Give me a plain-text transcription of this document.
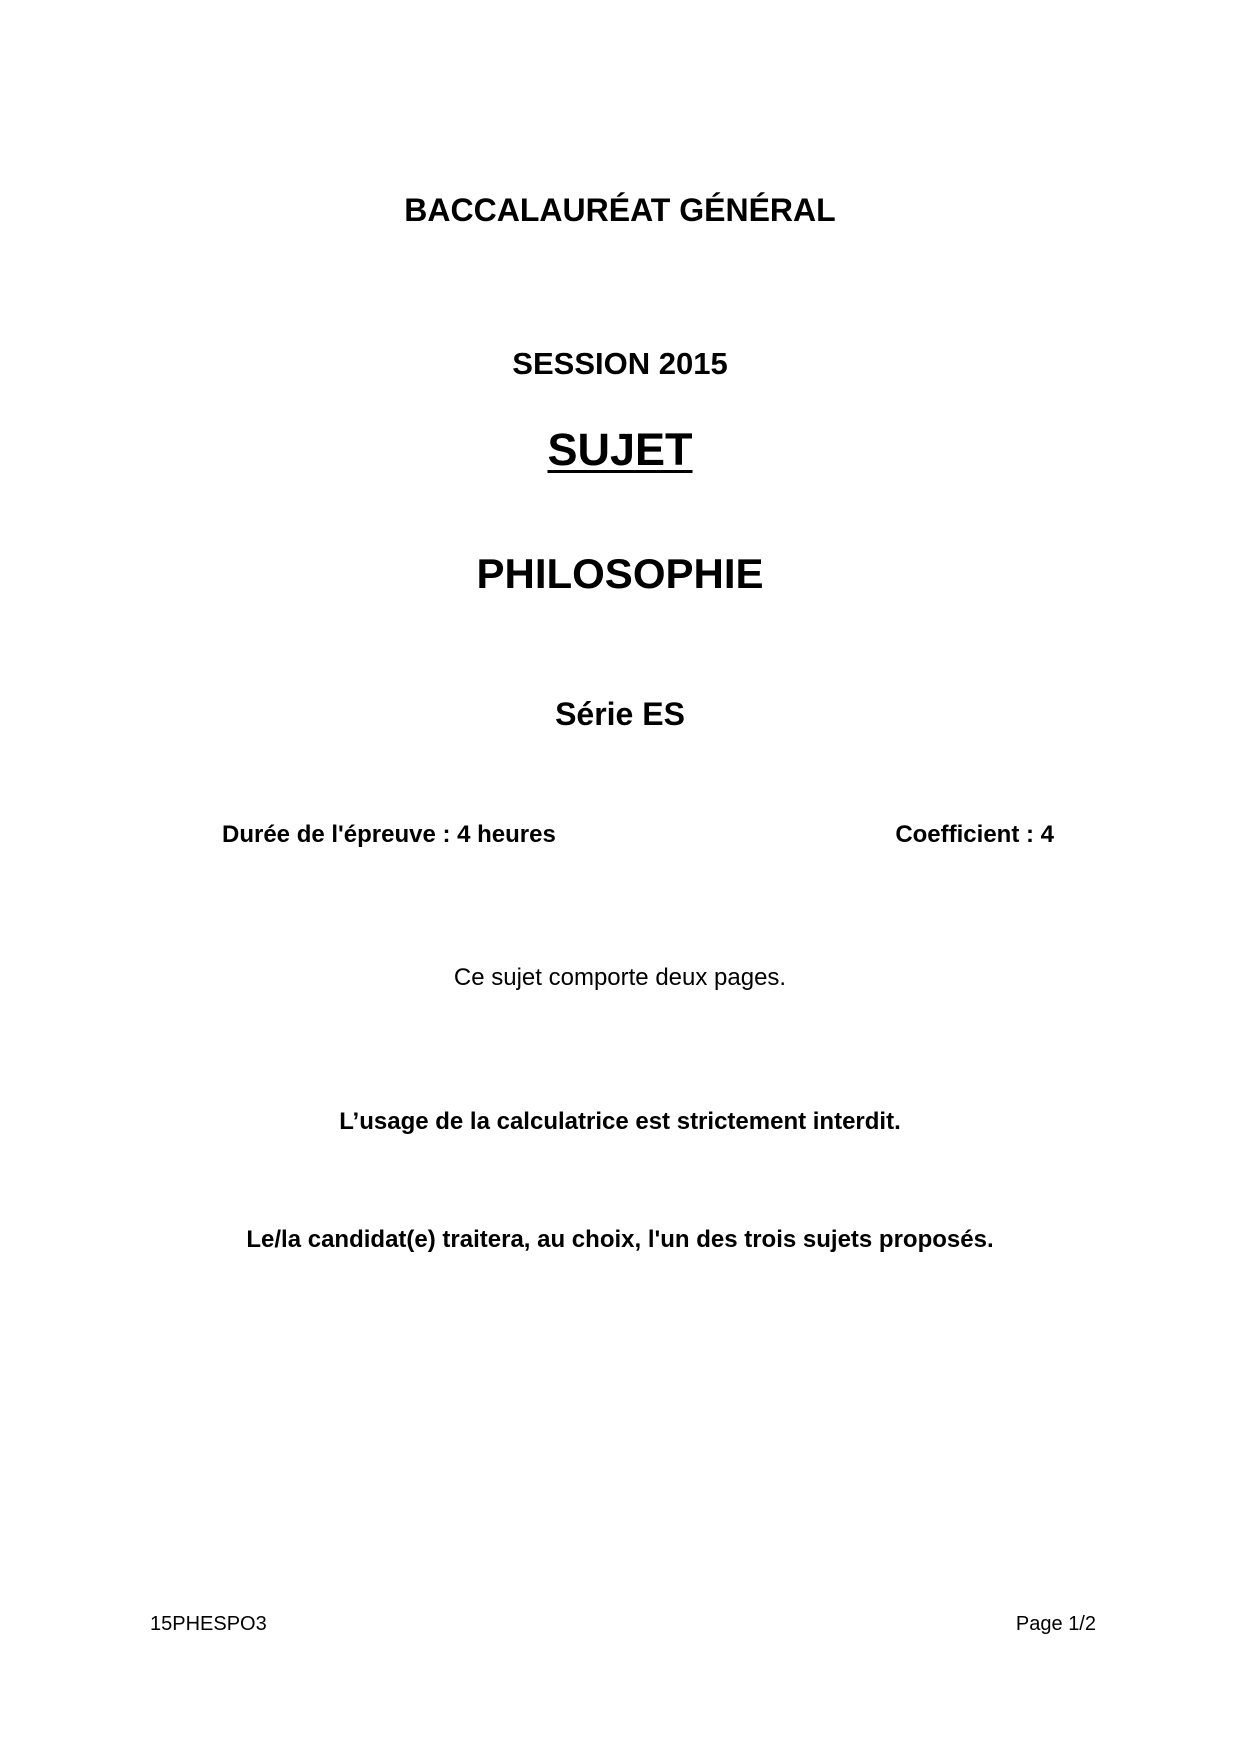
BACCALAURÉAT GÉNÉRAL
SESSION 2015
SUJET
PHILOSOPHIE
Série ES
Durée de l'épreuve : 4 heures	Coefficient : 4
Ce sujet comporte deux pages.
L’usage de la calculatrice est strictement interdit.
Le/la candidat(e) traitera, au choix, l'un des trois sujets proposés.
15PHESPO3	Page 1/2
